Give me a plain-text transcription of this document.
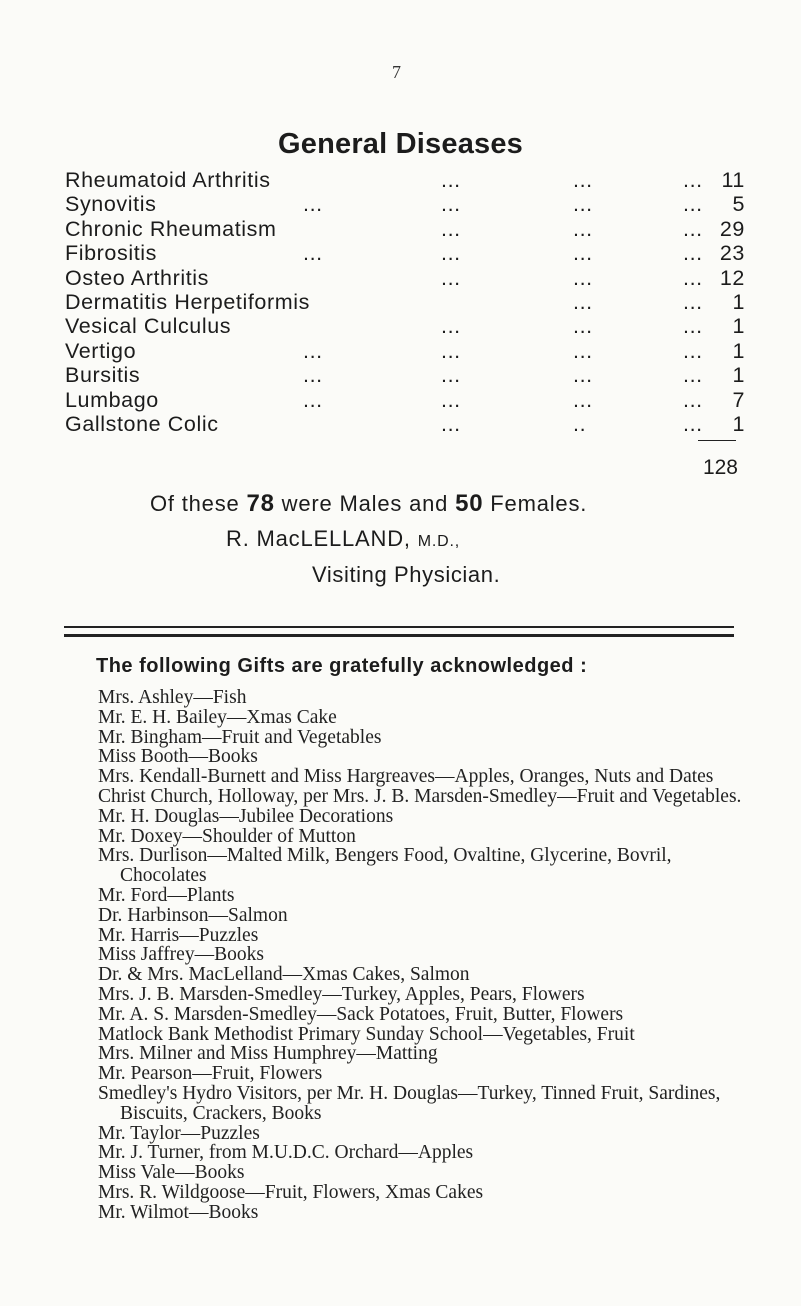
7
General Diseases
Rheumatoid Arthritis	...	...	... 11
Synovitis	...	...	...	...	5
Chronic Rheumatism	...	...	... 29
Fibrositis	...	...	...	... 23
Osteo Arthritis	...	...	... 12
Dermatitis Herpetiformis	...	...	1
Vesical Culculus	...	...	...	1
Vertigo	...	...	...	...	1
Bursitis	...	...	...	...	1
Lumbago	...	...	...	...	7
Gallstone Colic	...	..	...	1
128
Of these 78 were Males and 50 Females.
R. MacLELLAND, M.D.,
Visiting Physician.
The following Gifts are gratefully acknowledged :
Mrs. Ashley—Fish
Mr. E. H. Bailey—Xmas Cake
Mr. Bingham—Fruit and Vegetables
Miss Booth—Books
Mrs. Kendall-Burnett and Miss Hargreaves—Apples, Oranges, Nuts and Dates
Christ Church, Holloway, per Mrs. J. B. Marsden-Smedley—Fruit and Vegetables.
Mr. H. Douglas—Jubilee Decorations
Mr. Doxey—Shoulder of Mutton
Mrs. Durlison—Malted Milk, Bengers Food, Ovaltine, Glycerine, Bovril, Chocolates
Mr. Ford—Plants
Dr. Harbinson—Salmon
Mr. Harris—Puzzles
Miss Jaffrey—Books
Dr. & Mrs. MacLelland—Xmas Cakes, Salmon
Mrs. J. B. Marsden-Smedley—Turkey, Apples, Pears, Flowers
Mr. A. S. Marsden-Smedley—Sack Potatoes, Fruit, Butter, Flowers
Matlock Bank Methodist Primary Sunday School—Vegetables, Fruit
Mrs. Milner and Miss Humphrey—Matting
Mr. Pearson—Fruit, Flowers
Smedley's Hydro Visitors, per Mr. H. Douglas—Turkey, Tinned Fruit, Sardines, Biscuits, Crackers, Books
Mr. Taylor—Puzzles
Mr. J. Turner, from M.U.D.C. Orchard—Apples
Miss Vale—Books
Mrs. R. Wildgoose—Fruit, Flowers, Xmas Cakes
Mr. Wilmot—Books
